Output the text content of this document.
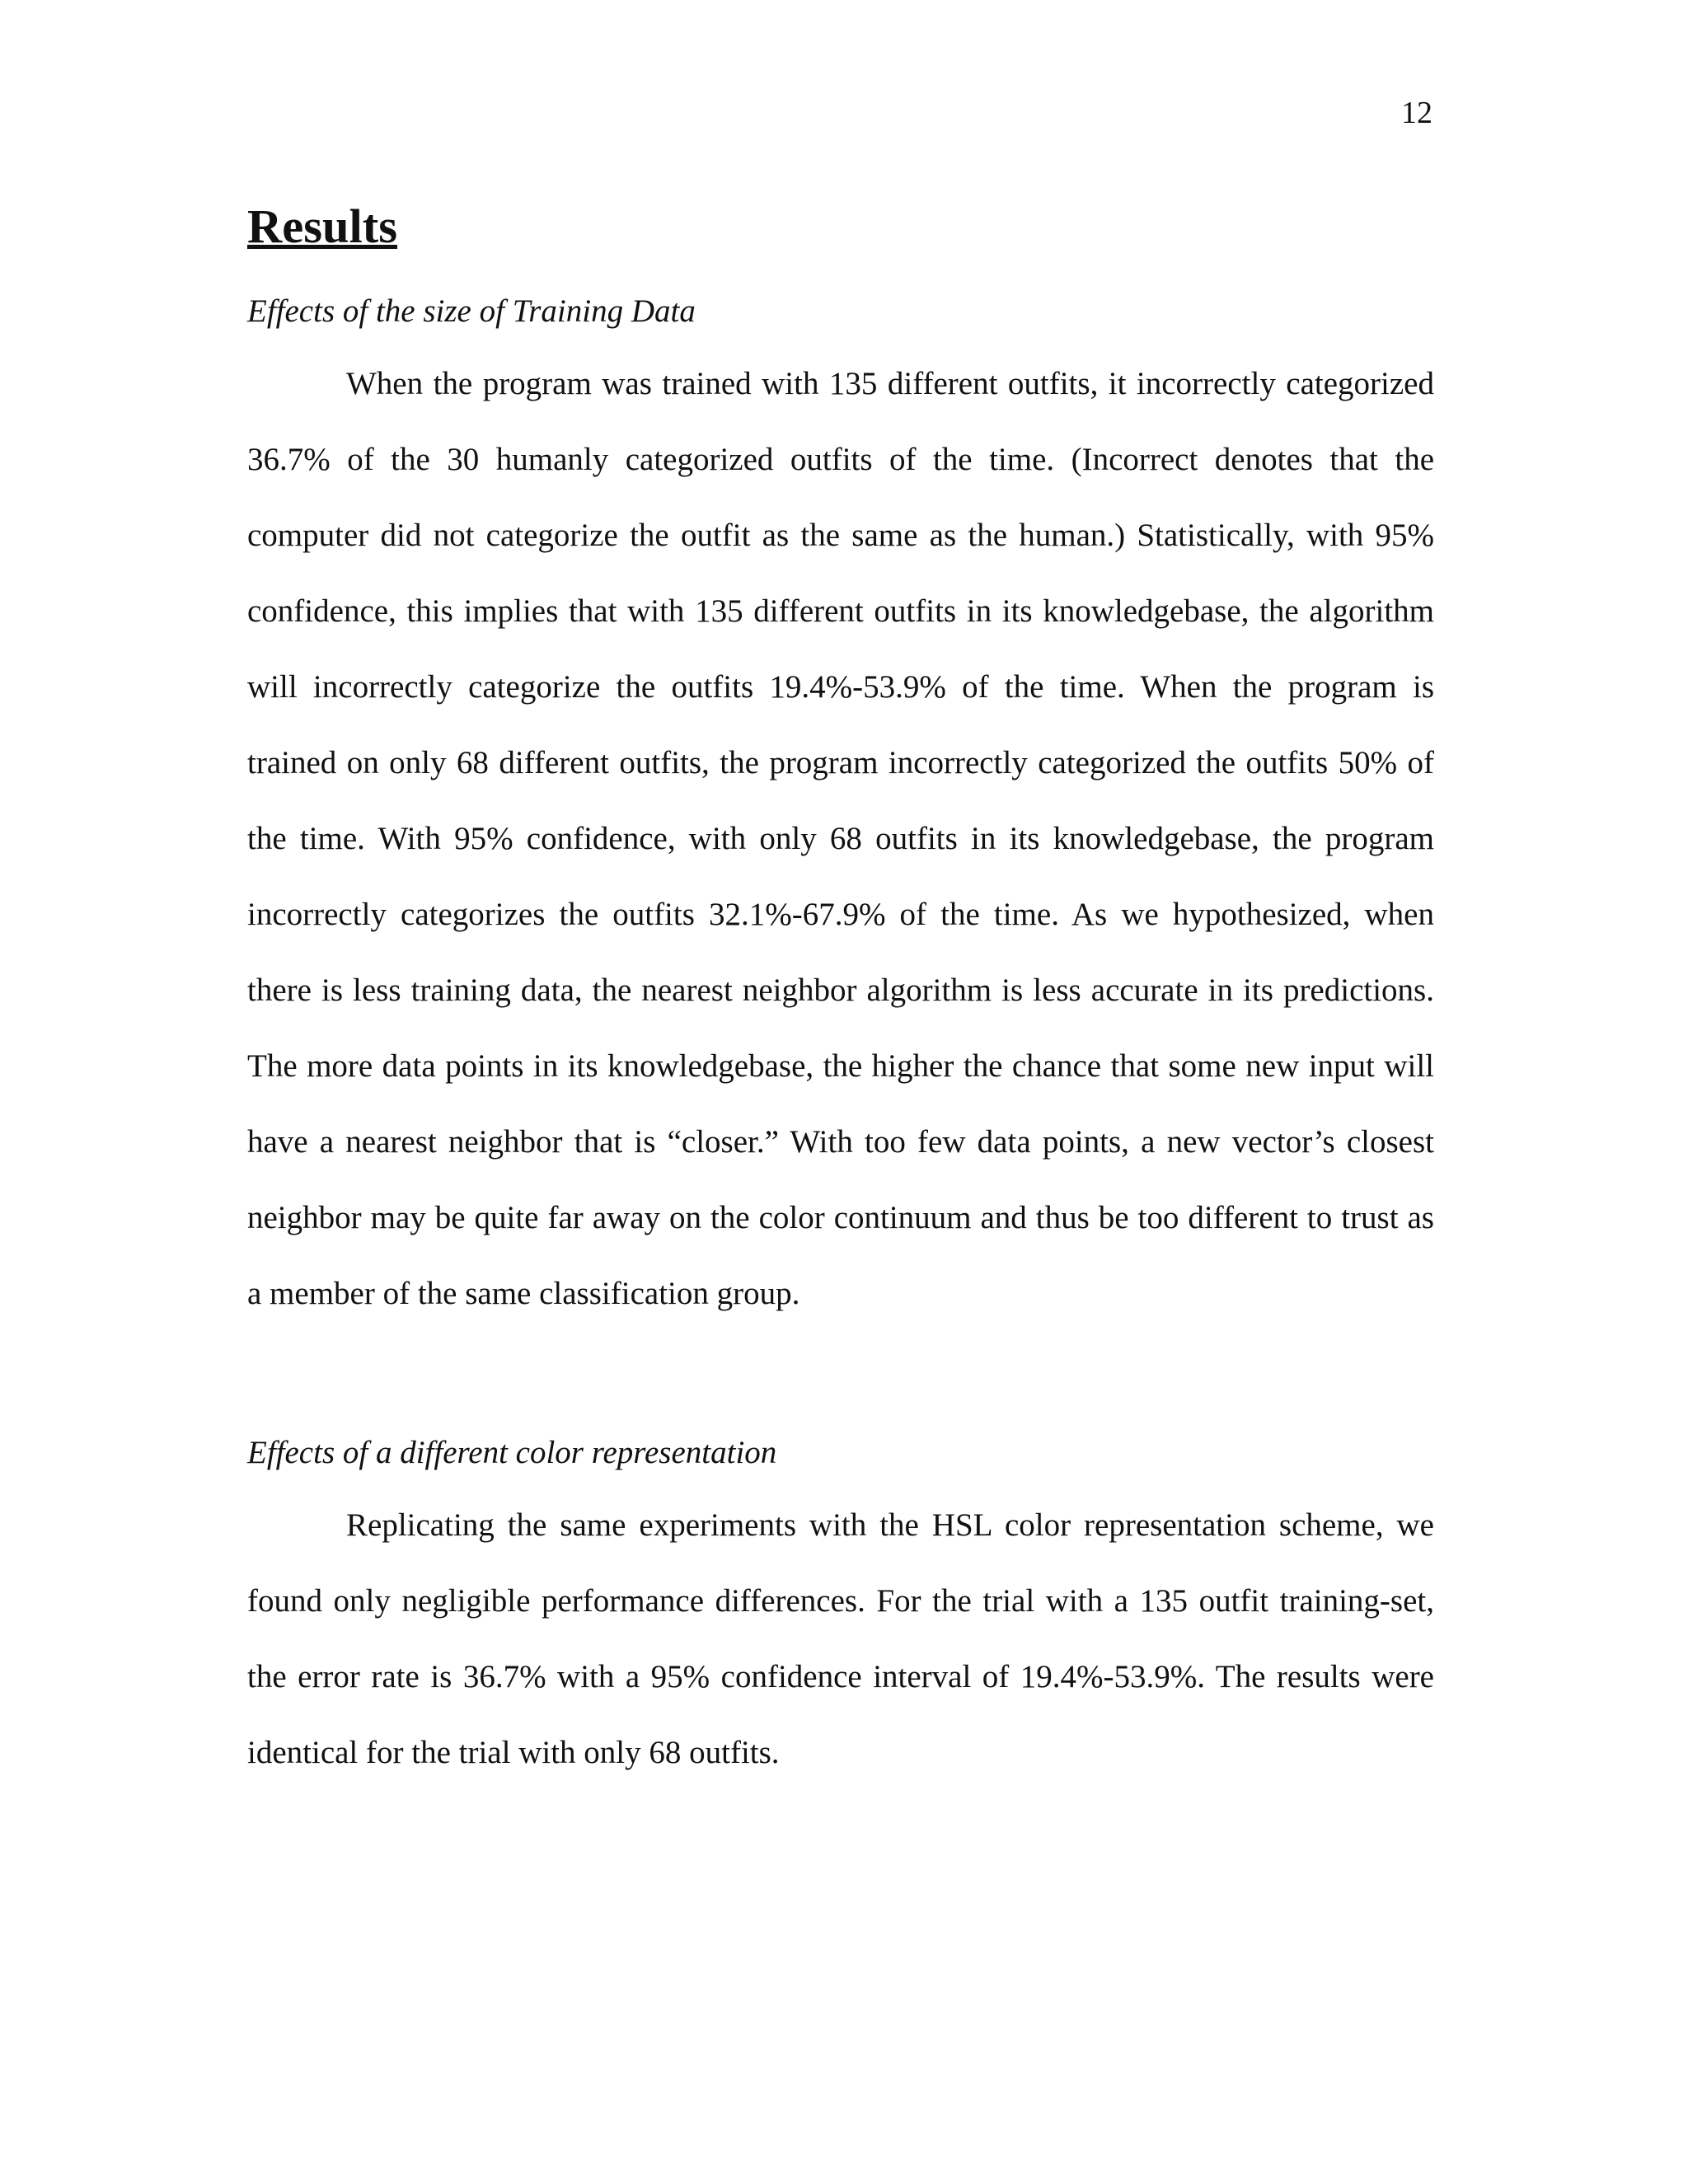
12
Results

Effects of the size of Training Data

When the program was trained with 135 different outfits, it incorrectly categorized 36.7% of the 30 humanly categorized outfits of the time. (Incorrect denotes that the computer did not categorize the outfit as the same as the human.) Statistically, with 95% confidence, this implies that with 135 different outfits in its knowledgebase, the algorithm will incorrectly categorize the outfits 19.4%-53.9% of the time. When the program is trained on only 68 different outfits, the program incorrectly categorized the outfits 50% of the time. With 95% confidence, with only 68 outfits in its knowledgebase, the program incorrectly categorizes the outfits 32.1%-67.9% of the time. As we hypothesized, when there is less training data, the nearest neighbor algorithm is less accurate in its predictions. The more data points in its knowledgebase, the higher the chance that some new input will have a nearest neighbor that is “closer.” With too few data points, a new vector’s closest neighbor may be quite far away on the color continuum and thus be too different to trust as a member of the same classification group.

Effects of a different color representation

Replicating the same experiments with the HSL color representation scheme, we found only negligible performance differences. For the trial with a 135 outfit training-set, the error rate is 36.7% with a 95% confidence interval of 19.4%-53.9%. The results were identical for the trial with only 68 outfits.
